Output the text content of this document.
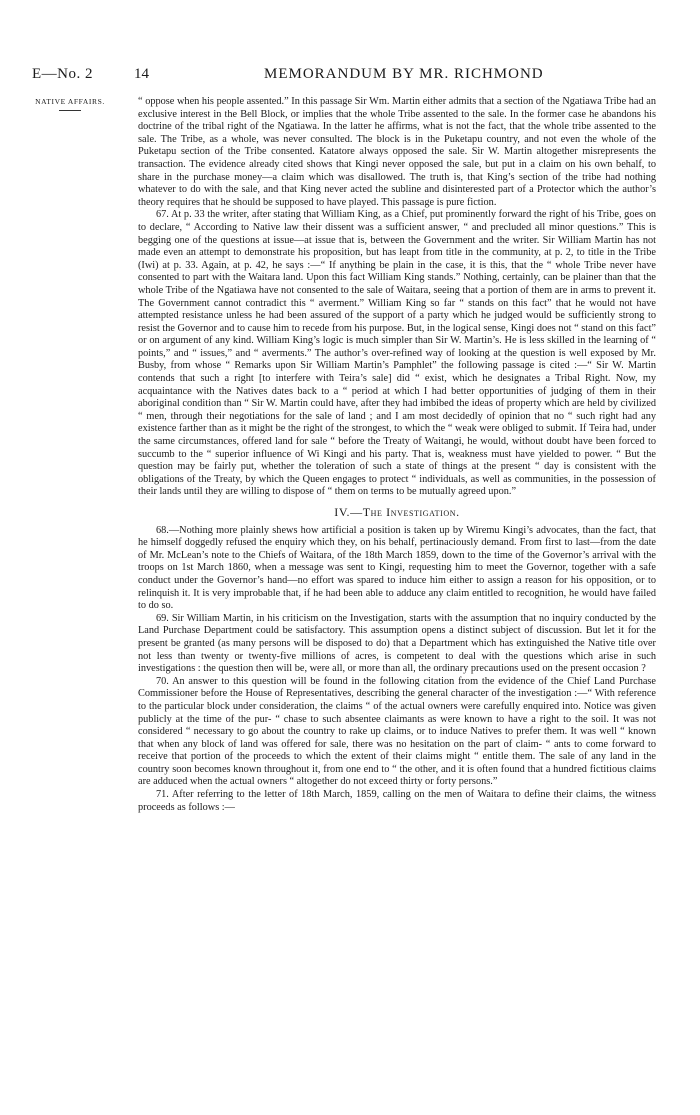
E—No. 2	14	MEMORANDUM BY MR. RICHMOND
NATIVE AFFAIRS.	“ oppose when his people assented.” In this passage Sir Wm. Martin either admits that a section of the Ngatiawa Tribe had an exclusive interest in the Bell Block, or implies that the whole Tribe assented to the sale. In the former case he abandons his doctrine of the tribal right of the Ngatiawa. In the latter he affirms, what is not the fact, that the whole tribe assented to the sale. The Tribe, as a whole, was never consulted. The block is in the Puketapu country, and not even the whole of the Puketapu section of the Tribe consented. Katatore always opposed the sale. Sir W. Martin altogether misrepresents the transaction. The evidence already cited shows that Kingi never opposed the sale, but put in a claim on his own behalf, to share in the purchase money—a claim which was disallowed. The truth is, that King’s section of the tribe had nothing whatever to do with the sale, and that King never acted the subline and disinterested part of a Protector which the author’s theory requires that he should be supposed to have played. This passage is pure fiction.

67. At p. 33 the writer, after stating that William King, as a Chief, put prominently forward the right of his Tribe, goes on to declare, “ According to Native law their dissent was a sufficient answer, “ and precluded all minor questions.” This is begging one of the questions at issue—at issue that is, between the Government and the writer. Sir William Martin has not made even an attempt to demonstrate his proposition, but has leapt from title in the community, at p. 2, to title in the Tribe (Iwi) at p. 33. Again, at p. 42, he says :—“ If anything be plain in the case, it is this, that the “ whole Tribe never have consented to part with the Waitara land. Upon this fact William King stands.” Nothing, certainly, can be plainer than that the whole Tribe of the Ngatiawa have not consented to the sale of Waitara, seeing that a portion of them are in arms to prevent it. The Government cannot contradict this “ averment.” William King so far “ stands on this fact” that he would not have attempted resistance unless he had been assured of the support of a party which he judged would be sufficiently strong to resist the Governor and to cause him to recede from his purpose. But, in the logical sense, Kingi does not “ stand on this fact” or on argument of any kind. William King’s logic is much simpler than Sir W. Martin’s. He is less skilled in the learning of “ points,” and “ issues,” and “ averments.” The author’s over-refined way of looking at the question is well exposed by Mr. Busby, from whose “ Remarks upon Sir William Martin’s Pamphlet” the following passage is cited :—“ Sir W. Martin contends that such a right [to interfere with Teira’s sale] did “ exist, which he designates a Tribal Right. Now, my acquaintance with the Natives dates back to a “ period at which I had better opportunities of judging of them in their aboriginal condition than “ Sir W. Martin could have, after they had imbibed the ideas of property which are held by civilized “ men, through their negotiations for the sale of land ; and I am most decidedly of opinion that no “ such right had any existence farther than as it might be the right of the strongest, to which the “ weak were obliged to submit. If Teira had, under the same circumstances, offered land for sale “ before the Treaty of Waitangi, he would, without doubt have been forced to succumb to the “ superior influence of Wi Kingi and his party. That is, weakness must have yielded to power. “ But the question may be fairly put, whether the toleration of such a state of things at the present “ day is consistent with the obligations of the Treaty, by which the Queen engages to protect “ individuals, as well as communities, in the possession of their lands until they are willing to dispose of “ them on terms to be mutually agreed upon.”

IV.—The Investigation.

68.—Nothing more plainly shews how artificial a position is taken up by Wiremu Kingi’s advocates, than the fact, that he himself doggedly refused the enquiry which they, on his behalf, pertinaciously demand. From first to last—from the date of Mr. McLean’s note to the Chiefs of Waitara, of the 18th March 1859, down to the time of the Governor’s arrival with the troops on 1st March 1860, when a message was sent to Kingi, requesting him to meet the Governor, together with a safe conduct under the Governor’s hand—no effort was spared to induce him either to assign a reason for his opposition, or to relinquish it. It is very improbable that, if he had been able to adduce any claim entitled to recognition, he would have failed to do so.

69. Sir William Martin, in his criticism on the Investigation, starts with the assumption that no inquiry conducted by the Land Purchase Department could be satisfactory. This assumption opens a distinct subject of discussion. But let it for the present be granted (as many persons will be disposed to do) that a Department which has extinguished the Native title over not less than twenty or twenty-five millions of acres, is competent to deal with the questions which arise in such investigations : the question then will be, were all, or more than all, the ordinary precautions used on the present occasion ?

70. An answer to this question will be found in the following citation from the evidence of the Chief Land Purchase Commissioner before the House of Representatives, describing the general character of the investigation :—“ With reference to the particular block under consideration, the claims “ of the actual owners were carefully enquired into. Notice was given publicly at the time of the pur- “ chase to such absentee claimants as were known to have a right to the soil. It was not considered “ necessary to go about the country to rake up claims, or to induce Natives to prefer them. It was well “ known that when any block of land was offered for sale, there was no hesitation on the part of claim- “ ants to come forward to receive that portion of the proceeds to which the extent of their claims might “ entitle them. The sale of any land in the country soon becomes known throughout it, from one end to “ the other, and it is often found that a hundred fictitious claims are adduced when the actual owners “ altogether do not exceed thirty or forty persons.”

71. After referring to the letter of 18th March, 1859, calling on the men of Waitara to define their claims, the witness proceeds as follows :—
